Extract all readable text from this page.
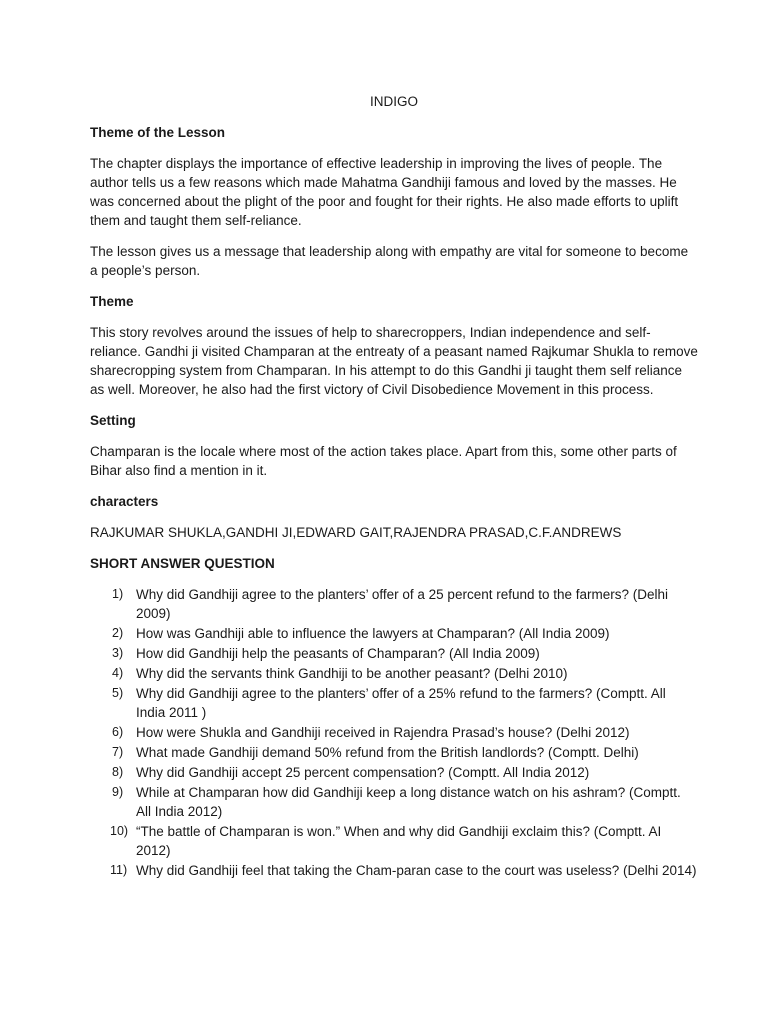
INDIGO
Theme of the Lesson

The chapter displays the importance of effective leadership in improving the lives of people. The author tells us a few reasons which made Mahatma Gandhiji famous and loved by the masses. He was concerned about the plight of the poor and fought for their rights. He also made efforts to uplift them and taught them self-reliance.

The lesson gives us a message that leadership along with empathy are vital for someone to become a people’s person.

Theme

This story revolves around the issues of help to sharecroppers, Indian independence and self-reliance. Gandhi ji visited Champaran at the entreaty of a peasant named Rajkumar Shukla to remove sharecropping system from Champaran. In his attempt to do this Gandhi ji taught them self reliance as well. Moreover, he also had the first victory of Civil Disobedience Movement in this process.

Setting

Champaran is the locale where most of the action takes place. Apart from this, some other parts of Bihar also find a mention in it.

characters

RAJKUMAR SHUKLA,GANDHI JI,EDWARD GAIT,RAJENDRA PRASAD,C.F.ANDREWS

SHORT ANSWER QUESTION
1) Why did Gandhiji agree to the planters’ offer of a 25 percent refund to the farmers? (Delhi 2009)
2) How was Gandhiji able to influence the lawyers at Champaran? (All India 2009)
3) How did Gandhiji help the peasants of Champaran? (All India 2009)
4) Why did the servants think Gandhiji to be another peasant? (Delhi 2010)
5) Why did Gandhiji agree to the planters’ offer of a 25% refund to the farmers? (Comptt. All India 2011 )
6) How were Shukla and Gandhiji received in Rajendra Prasad’s house? (Delhi 2012)
7) What made Gandhiji demand 50% refund from the British landlords? (Comptt. Delhi)
8) Why did Gandhiji accept 25 percent compensation? (Comptt. All India 2012)
9) While at Champaran how did Gandhiji keep a long distance watch on his ashram? (Comptt. All India 2012)
10) “The battle of Champaran is won.” When and why did Gandhiji exclaim this? (Comptt. AI 2012)
11) Why did Gandhiji feel that taking the Cham-paran case to the court was useless? (Delhi 2014)
